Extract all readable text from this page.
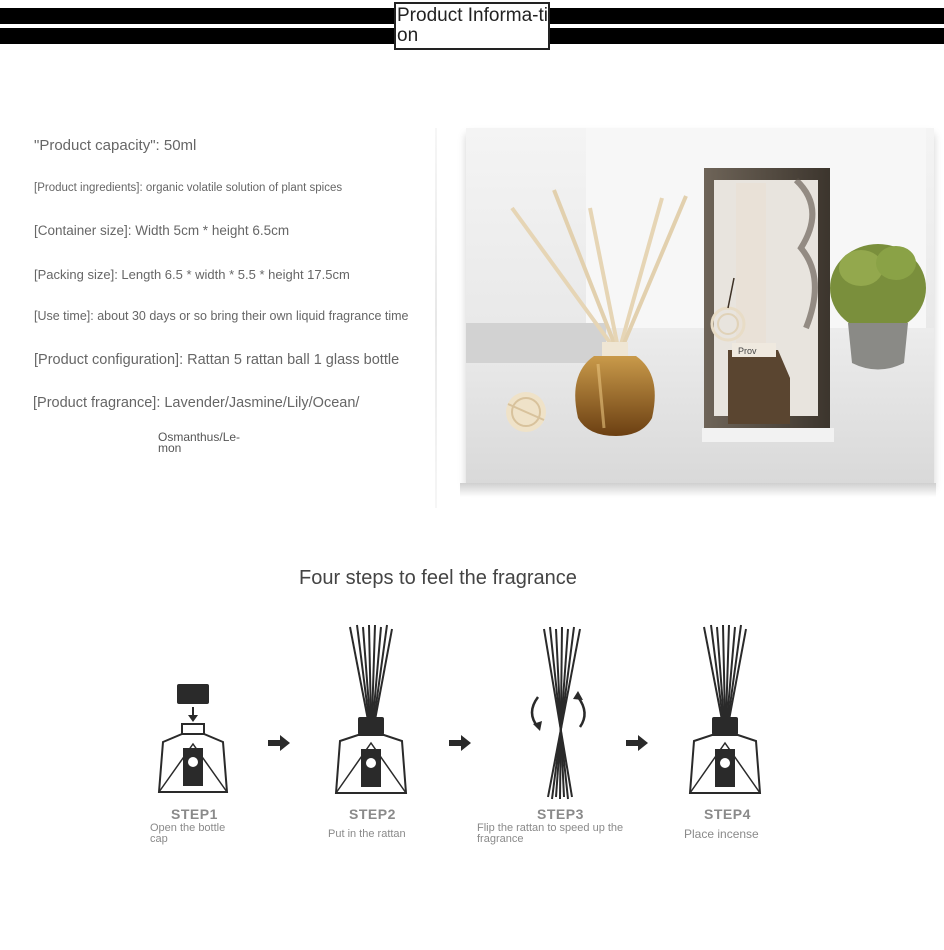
Product Informa-tion
"Product capacity": 50ml
[Product ingredients]: organic volatile solution of plant spices
[Container size]: Width 5cm * height 6.5cm
[Packing size]: Length 6.5 * width * 5.5 * height 17.5cm
[Use time]: about 30 days or so bring their own liquid fragrance time
[Product configuration]: Rattan 5 rattan ball 1 glass bottle
[Product fragrance]: Lavender/Jasmine/Lily/Ocean/
Osmanthus/Le-mon
Prov
Four steps to feel the fragrance
STEP1
Open the bottle cap
STEP2
Put in the rattan
STEP3
Flip the rattan to speed up the fragrance
STEP4
Place incense
